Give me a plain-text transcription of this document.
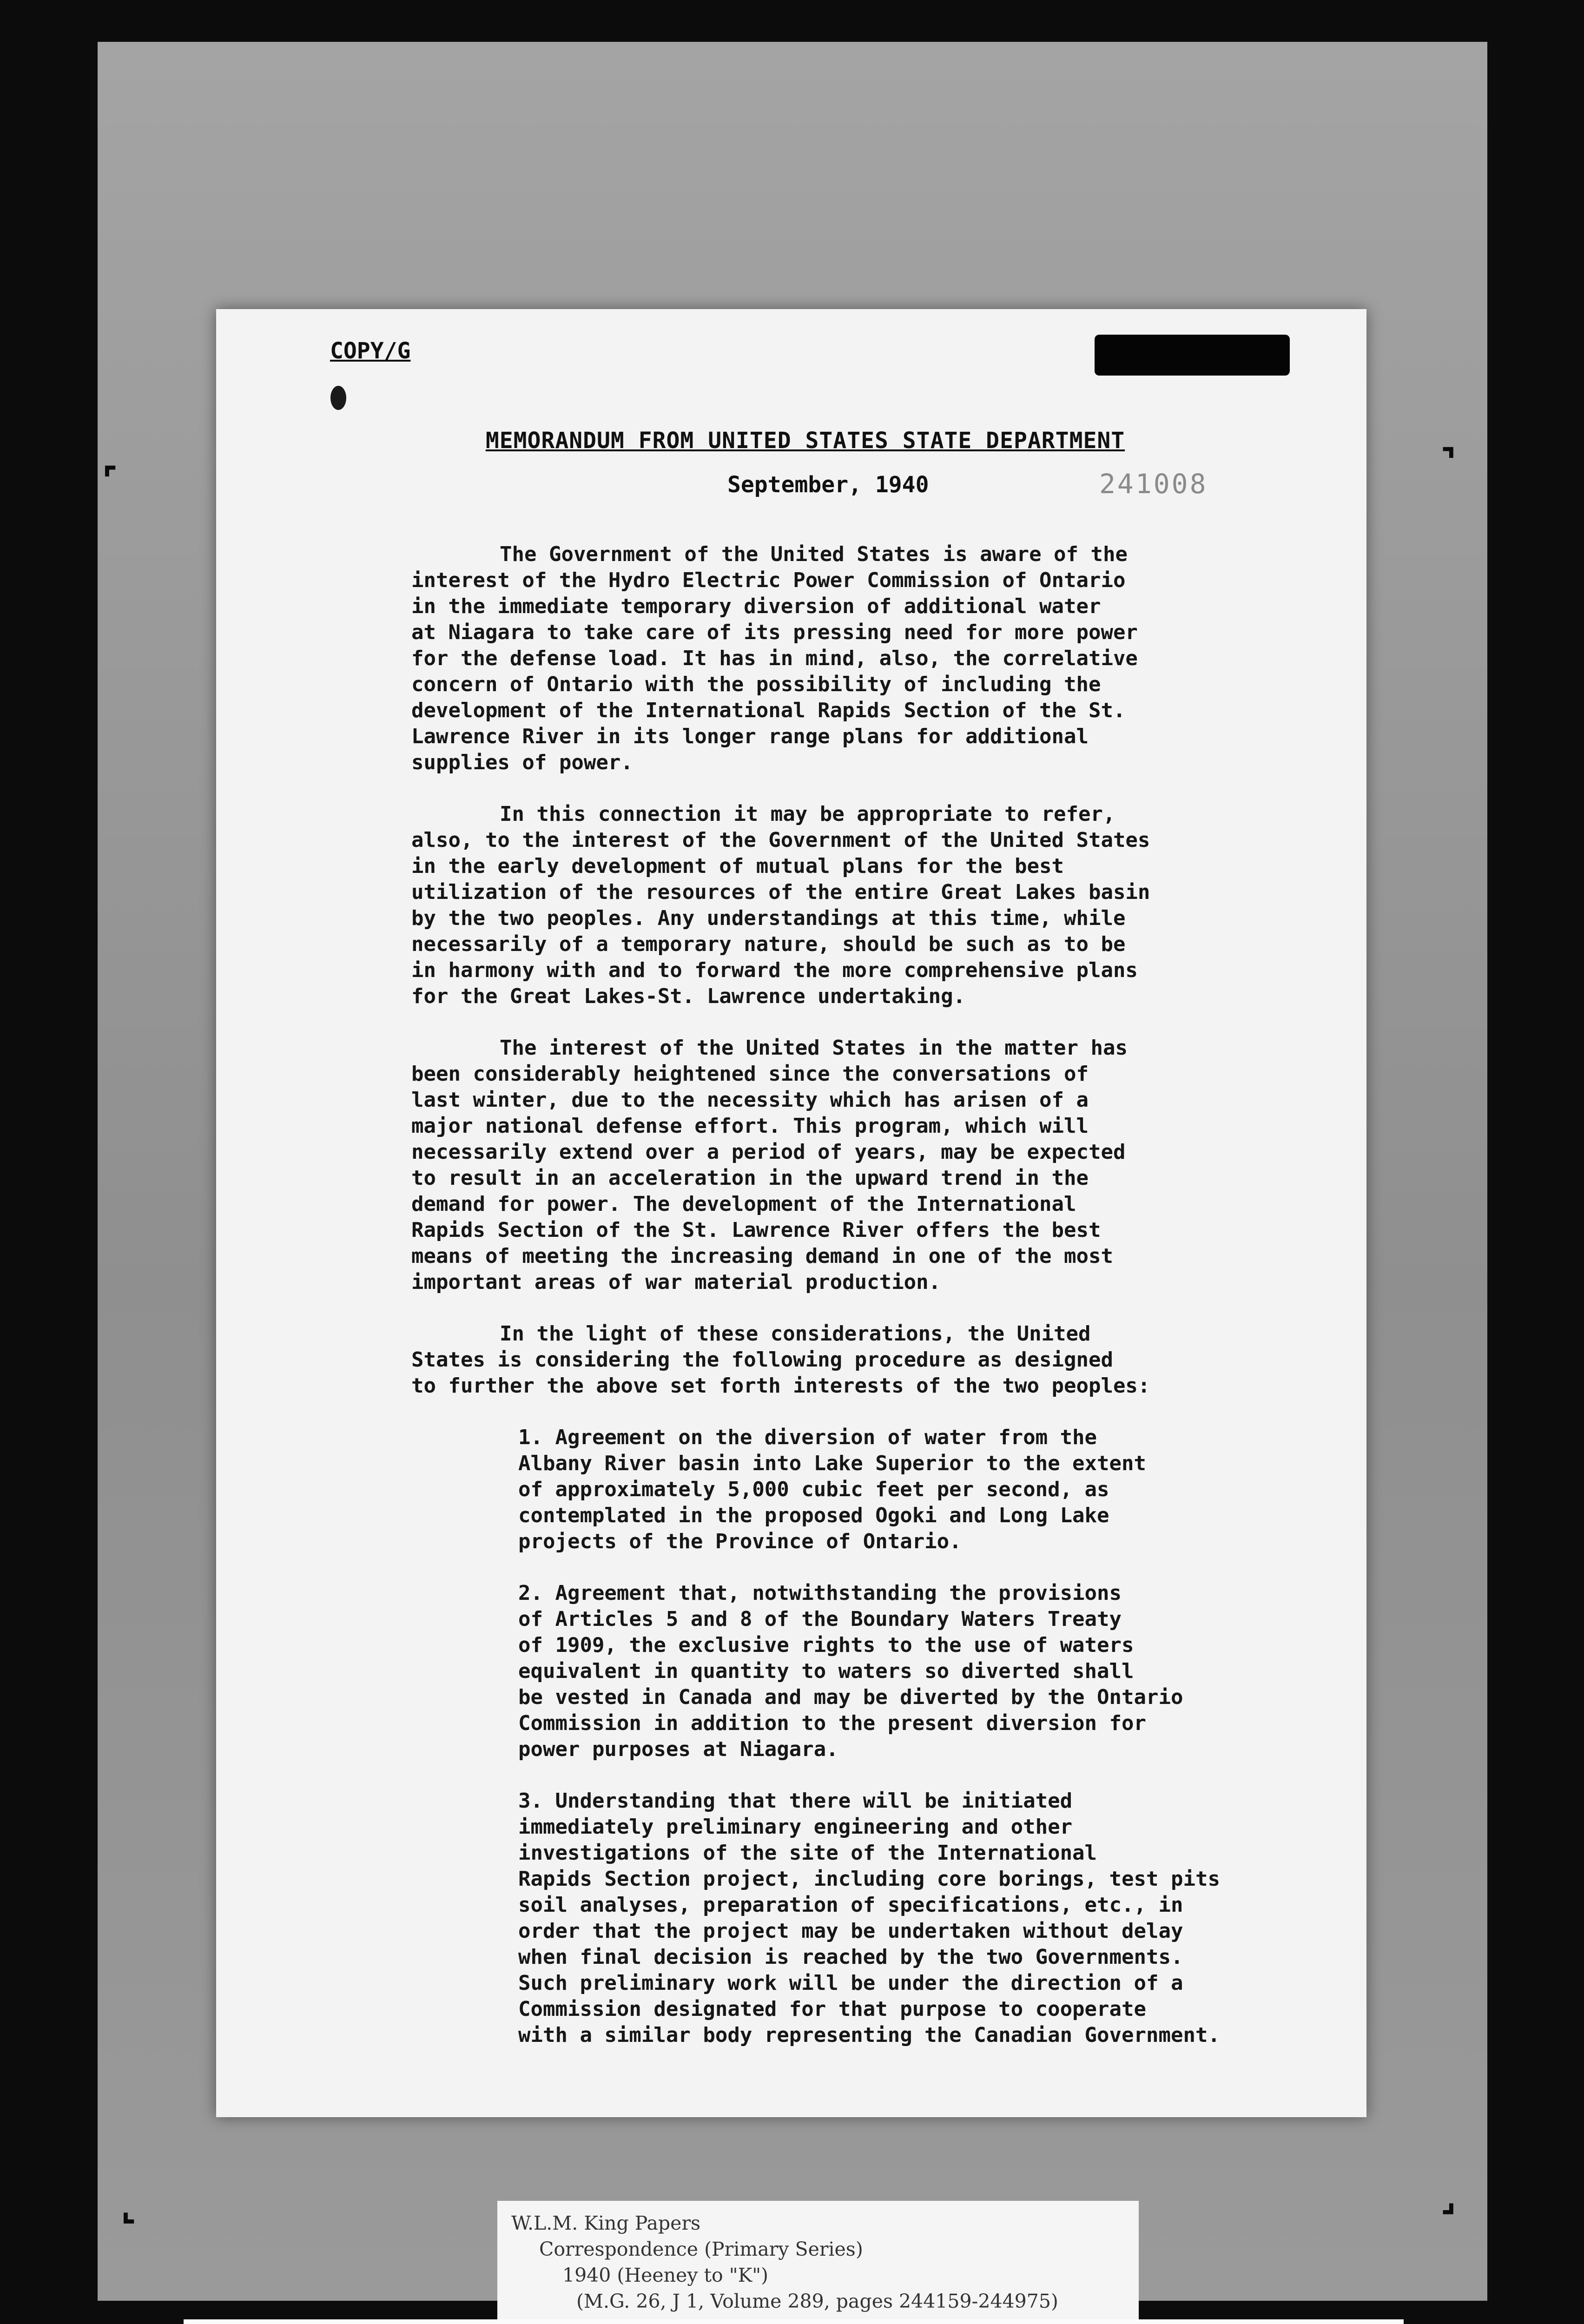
⌜	⌝
⌞	⌟
COPY/G
MEMORANDUM FROM UNITED STATES STATE DEPARTMENT
September, 1940	241008

The Government of the United States is aware of the
interest of the Hydro Electric Power Commission of Ontario
in the immediate temporary diversion of additional water
at Niagara to take care of its pressing need for more power
for the defense load. It has in mind, also, the correlative
concern of Ontario with the possibility of including the
development of the International Rapids Section of the St.
Lawrence River in its longer range plans for additional
supplies of power.

In this connection it may be appropriate to refer,
also, to the interest of the Government of the United States
in the early development of mutual plans for the best
utilization of the resources of the entire Great Lakes basin
by the two peoples. Any understandings at this time, while
necessarily of a temporary nature, should be such as to be
in harmony with and to forward the more comprehensive plans
for the Great Lakes-St. Lawrence undertaking.

The interest of the United States in the matter has
been considerably heightened since the conversations of
last winter, due to the necessity which has arisen of a
major national defense effort. This program, which will
necessarily extend over a period of years, may be expected
to result in an acceleration in the upward trend in the
demand for power. The development of the International
Rapids Section of the St. Lawrence River offers the best
means of meeting the increasing demand in one of the most
important areas of war material production.

In the light of these considerations, the United
States is considering the following procedure as designed
to further the above set forth interests of the two peoples:

1. Agreement on the diversion of water from the
Albany River basin into Lake Superior to the extent
of approximately 5,000 cubic feet per second, as
contemplated in the proposed Ogoki and Long Lake
projects of the Province of Ontario.

2. Agreement that, notwithstanding the provisions
of Articles 5 and 8 of the Boundary Waters Treaty
of 1909, the exclusive rights to the use of waters
equivalent in quantity to waters so diverted shall
be vested in Canada and may be diverted by the Ontario
Commission in addition to the present diversion for
power purposes at Niagara.

3. Understanding that there will be initiated
immediately preliminary engineering and other
investigations of the site of the International
Rapids Section project, including core borings, test pits
soil analyses, preparation of specifications, etc., in
order that the project may be undertaken without delay
when final decision is reached by the two Governments.
Such preliminary work will be under the direction of a
Commission designated for that purpose to cooperate
with a similar body representing the Canadian Government.

W.L.M. King Papers
Correspondence (Primary Series)
1940 (Heeney to "K")
(M.G. 26, J 1, Volume 289, pages 244159-244975)
